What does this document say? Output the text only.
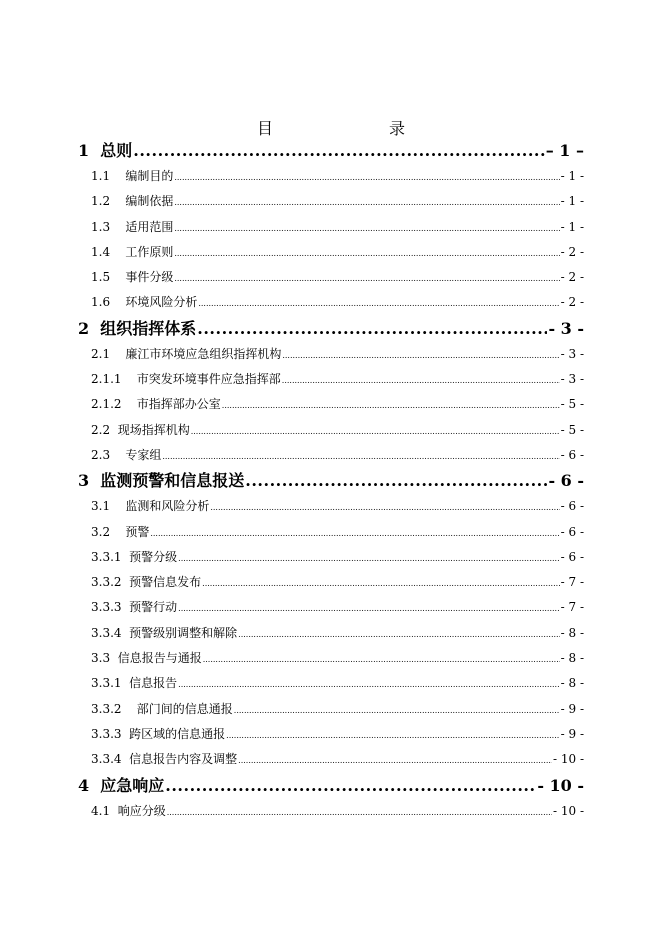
目　　录
1  总则 .....	– 1 –
1.1    编制目的 .....	- 1 -
1.2    编制依据 .....	- 1 -
1.3    适用范围 .....	- 1 -
1.4    工作原则 .....	- 2 -
1.5    事件分级 .....	- 2 -
1.6    环境风险分析 .....	- 2 -
2  组织指挥体系 .....	- 3 -
2.1    廉江市环境应急组织指挥机构 .....	- 3 -
2.1.1    市突发环境事件应急指挥部 .....	- 3 -
2.1.2    市指挥部办公室 .....	- 5 -
2.2  现场指挥机构 .....	- 5 -
2.3    专家组 .....	- 6 -
3  监测预警和信息报送 .....	- 6 -
3.1    监测和风险分析 .....	- 6 -
3.2    预警 .....	- 6 -
3.3.1  预警分级 .....	- 6 -
3.3.2  预警信息发布 .....	- 7 -
3.3.3  预警行动 .....	- 7 -
3.3.4  预警级别调整和解除 .....	- 8 -
3.3  信息报告与通报 .....	- 8 -
3.3.1  信息报告 .....	- 8 -
3.3.2    部门间的信息通报 .....	- 9 -
3.3.3  跨区域的信息通报 .....	- 9 -
3.3.4  信息报告内容及调整 .....	- 10 -
4  应急响应 .....	- 10 -
4.1  响应分级 .....	- 10 -
